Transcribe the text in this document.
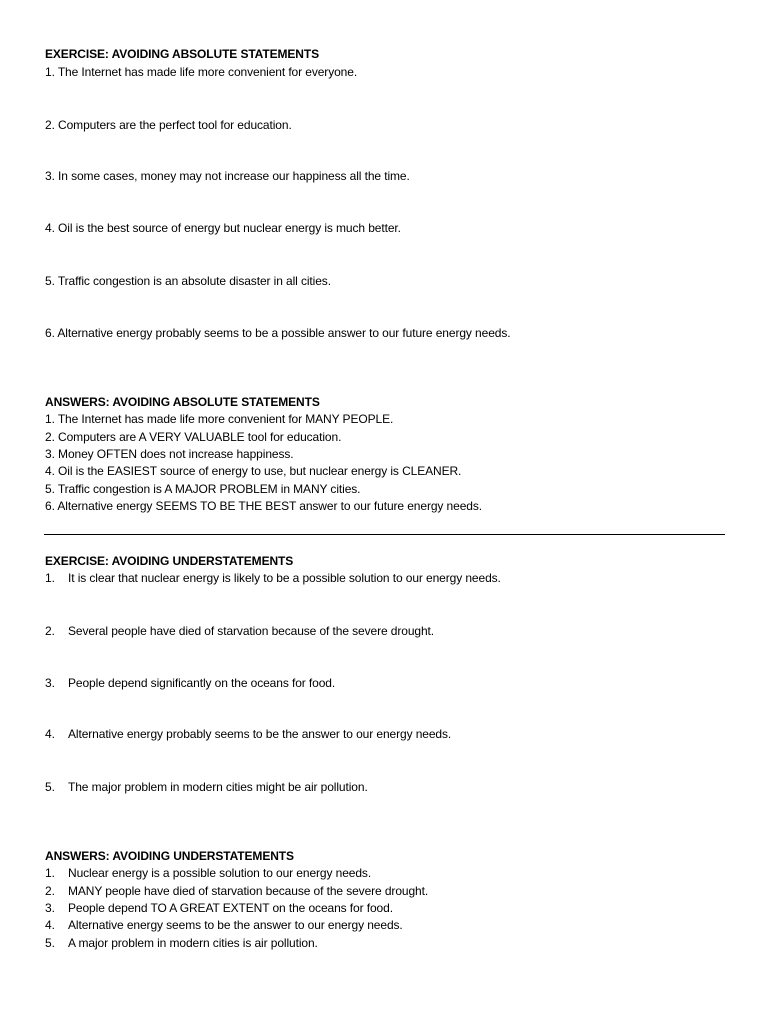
EXERCISE: AVOIDING ABSOLUTE STATEMENTS
1. The Internet has made life more convenient for everyone.
2. Computers are the perfect tool for education.
3. In some cases, money may not increase our happiness all the time.
4. Oil is the best source of energy but nuclear energy is much better.
5. Traffic congestion is an absolute disaster in all cities.
6. Alternative energy probably seems to be a possible answer to our future energy needs.
ANSWERS: AVOIDING ABSOLUTE STATEMENTS
1. The Internet has made life more convenient for MANY PEOPLE.
2. Computers are A VERY VALUABLE tool for education.
3. Money OFTEN does not increase happiness.
4. Oil is the EASIEST source of energy to use, but nuclear energy is CLEANER.
5. Traffic congestion is A MAJOR PROBLEM in MANY cities.
6. Alternative energy SEEMS TO BE THE BEST answer to our future energy needs.
EXERCISE: AVOIDING UNDERSTATEMENTS
1. It is clear that nuclear energy is likely to be a possible solution to our energy needs.
2. Several people have died of starvation because of the severe drought.
3. People depend significantly on the oceans for food.
4. Alternative energy probably seems to be the answer to our energy needs.
5. The major problem in modern cities might be air pollution.
ANSWERS: AVOIDING UNDERSTATEMENTS
1. Nuclear energy is a possible solution to our energy needs.
2. MANY people have died of starvation because of the severe drought.
3. People depend TO A GREAT EXTENT on the oceans for food.
4. Alternative energy seems to be the answer to our energy needs.
5. A major problem in modern cities is air pollution.
